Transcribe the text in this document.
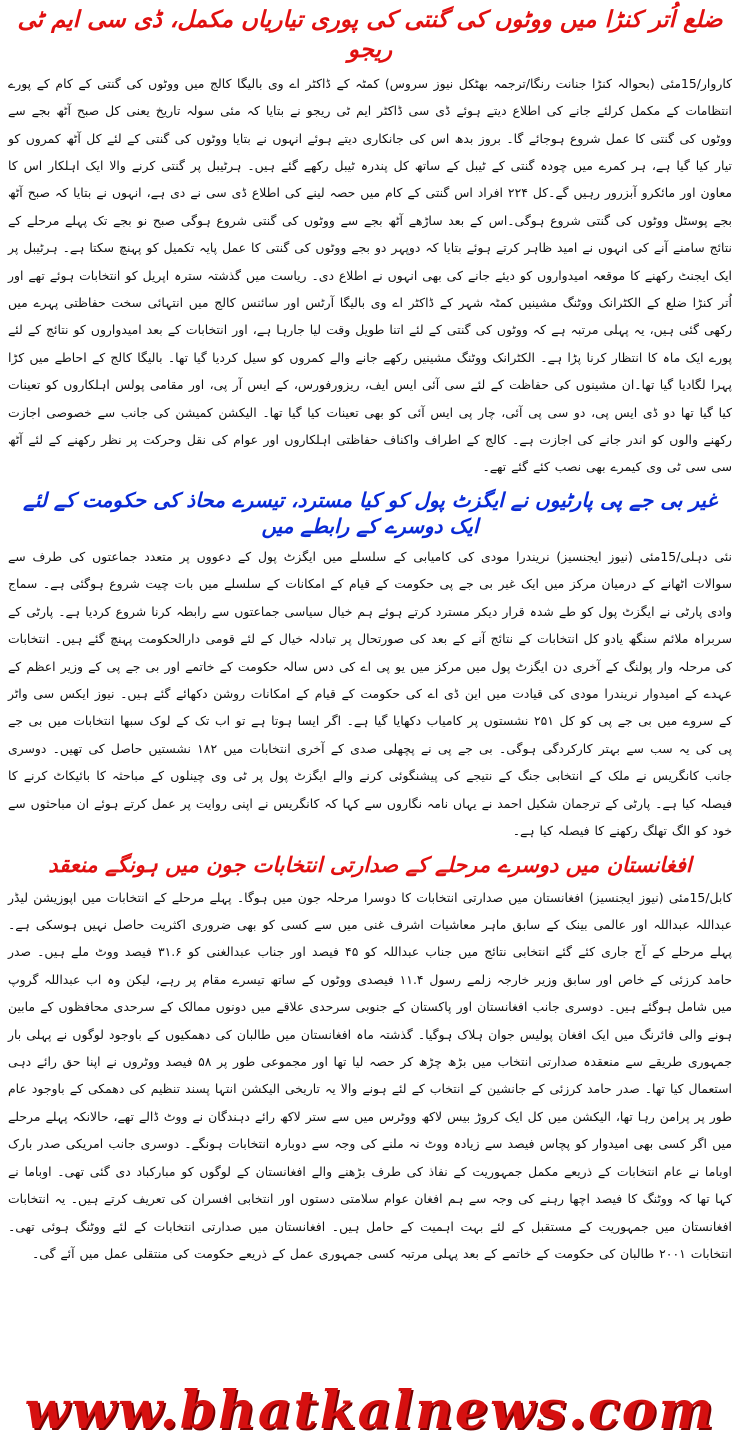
ضلع اُتر کنڑا میں ووٹوں کی گنتی کی پوری تیاریاں مکمل، ڈی سی ایم ٹی ریجو

کاروار/15مئی (بحوالہ کنڑا جنانت رنگا/ترجمہ بھٹکل نیوز سروس) کمٹہ کے ڈاکٹر اے وی بالیگا کالج میں ووٹوں کی گنتی کے کام کے پورے انتظامات کے مکمل کرلئے جانے کی اطلاع دیتے ہوئے ڈی سی ڈاکٹر ایم ٹی ریجو نے بتایا کہ مئی سولہ تاریخ یعنی کل صبح آٹھ بجے سے ووٹوں کی گنتی کا عمل شروع ہوجائے گا۔ بروز بدھ اس کی جانکاری دیتے ہوئے انہوں نے بتایا ووٹوں کی گنتی کے لئے کل آٹھ کمروں کو تیار کیا گیا ہے، ہر کمرے میں چودہ گنتی کے ٹیبل کے ساتھ کل پندرہ ٹیبل رکھے گئے ہیں۔ ہرٹیبل پر گنتی کرنے والا ایک اہلکار اس کا معاون اور مائکرو آبزرور رہیں گے۔کل ۲۲۴ افراد اس گنتی کے کام میں حصہ لینے کی اطلاع ڈی سی نے دی ہے، انہوں نے بتایا کہ صبح آٹھ بجے پوسٹل ووٹوں کی گنتی شروع ہوگی۔اس کے بعد ساڑھے آٹھ بجے سے ووٹوں کی گنتی شروع ہوگی صبح نو بجے تک پہلے مرحلے کے نتائج سامنے آنے کی انہوں نے امید ظاہر کرتے ہوئے بتایا کہ دوپہر دو بجے ووٹوں کی گنتی کا عمل پایہ تکمیل کو پہنچ سکتا ہے۔ ہرٹیبل پر ایک ایجنٹ رکھنے کا موقعہ امیدواروں کو دیئے جانے کی بھی انہوں نے اطلاع دی۔ ریاست میں گذشتہ سترہ اپریل کو انتخابات ہوئے تھے اور اُتر کنڑا ضلع کے الکٹرانک ووٹنگ مشینیں کمٹہ شہر کے ڈاکٹر اے وی بالیگا آرٹس اور سائنس کالج میں انتہائی سخت حفاظتی پہرے میں رکھی گئی ہیں، یہ پہلی مرتبہ ہے کہ ووٹوں کی گنتی کے لئے اتنا طویل وقت لیا جارہا ہے، اور انتخابات کے بعد امیدواروں کو نتائج کے لئے پورے ایک ماہ کا انتظار کرنا پڑا ہے۔ الکٹرانک ووٹنگ مشینیں رکھے جانے والے کمروں کو سیل کردیا گیا تھا۔ بالیگا کالج کے احاطے میں کڑا پہرا لگادیا گیا تھا۔ان مشینوں کی حفاظت کے لئے سی آئی ایس ایف، ریزورفورس، کے ایس آر پی، اور مقامی پولس اہلکاروں کو تعینات کیا گیا تھا دو ڈی ایس پی، دو سی پی آئی، چار پی ایس آئی کو بھی تعینات کیا گیا تھا۔ الیکشن کمیشن کی جانب سے خصوصی اجازت رکھنے والوں کو اندر جانے کی اجازت ہے۔ کالج کے اطراف واکناف حفاظتی اہلکاروں اور عوام کی نقل وحرکت پر نظر رکھنے کے لئے آٹھ سی سی ٹی وی کیمرے بھی نصب کئے گئے تھے۔

غیر بی جے پی پارٹیوں نے ایگزٹ پول کو کیا مسترد، تیسرے محاذ کی حکومت کے لئے ایک دوسرے کے رابطے میں

نئی دہلی/15مئی (نیوز ایجنسیز) نریندرا مودی کی کامیابی کے سلسلے میں ایگزٹ پول کے دعووں پر متعدد جماعتوں کی طرف سے سوالات اٹھانے کے درمیان مرکز میں ایک غیر بی جے پی حکومت کے قیام کے امکانات کے سلسلے میں بات چیت شروع ہوگئی ہے۔ سماج وادی پارٹی نے ایگزٹ پول کو طے شدہ قرار دیکر مسترد کرتے ہوئے ہم خیال سیاسی جماعتوں سے رابطہ کرنا شروع کردیا ہے۔ پارٹی کے سربراہ ملائم سنگھ یادو کل انتخابات کے نتائج آنے کے بعد کی صورتحال پر تبادلہ خیال کے لئے قومی دارالحکومت پہنچ گئے ہیں۔ انتخابات کی مرحلہ وار پولنگ کے آخری دن ایگزٹ پول میں مرکز میں یو پی اے کی دس سالہ حکومت کے خاتمے اور بی جے پی کے وزیر اعظم کے عہدے کے امیدوار نریندرا مودی کی قیادت میں این ڈی اے کی حکومت کے قیام کے امکانات روشن دکھائے گئے ہیں۔ نیوز ایکس سی واٹر کے سروے میں بی جے پی کو کل ۲۵۱ نشستوں پر کامیاب دکھایا گیا ہے۔ اگر ایسا ہوتا ہے تو اب تک کے لوک سبھا انتخابات میں بی جے پی کی یہ سب سے بہتر کارکردگی ہوگی۔ بی جے پی نے پچھلی صدی کے آخری انتخابات میں ۱۸۲ نشستیں حاصل کی تھیں۔ دوسری جانب کانگریس نے ملک کے انتخابی جنگ کے نتیجے کی پیشنگوئی کرنے والے ایگزٹ پول پر ٹی وی چینلوں کے مباحثہ کا بائیکاٹ کرنے کا فیصلہ کیا ہے۔ پارٹی کے ترجمان شکیل احمد نے یہاں نامہ نگاروں سے کہا کہ کانگریس نے اپنی روایت پر عمل کرتے ہوئے ان مباحثوں سے خود کو الگ تھلگ رکھنے کا فیصلہ کیا ہے۔

افغانستان میں دوسرے مرحلے کے صدارتی انتخابات جون میں ہونگے منعقد

کابل/15مئی (نیوز ایجنسیز) افغانستان میں صدارتی انتخابات کا دوسرا مرحلہ جون میں ہوگا۔ پہلے مرحلے کے انتخابات میں اپوزیشن لیڈر عبداللہ عبداللہ اور عالمی بینک کے سابق ماہر معاشیات اشرف غنی میں سے کسی کو بھی ضروری اکثریت حاصل نہیں ہوسکی ہے۔ پہلے مرحلے کے آج جاری کئے گئے انتخابی نتائج میں جناب عبداللہ کو ۴۵ فیصد اور جناب عبدالغنی کو ۳۱.۶ فیصد ووٹ ملے ہیں۔ صدر حامد کرزئی کے خاص اور سابق وزیر خارجہ زلمے رسول ۱۱.۴ فیصدی ووٹوں کے ساتھ تیسرے مقام پر رہے، لیکن وہ اب عبداللہ گروپ میں شامل ہوگئے ہیں۔ دوسری جانب افغانستان اور پاکستان کے جنوبی سرحدی علاقے میں دونوں ممالک کے سرحدی محافظوں کے مابین ہونے والی فائرنگ میں ایک افغان پولیس جوان ہلاک ہوگیا۔ گذشتہ ماہ افغانستان میں طالبان کی دھمکیوں کے باوجود لوگوں نے پہلی بار جمہوری طریقے سے منعقدہ صدارتی انتخاب میں بڑھ چڑھ کر حصہ لیا تھا اور مجموعی طور پر ۵۸ فیصد ووٹروں نے اپنا حق رائے دہی استعمال کیا تھا۔ صدر حامد کرزئی کے جانشین کے انتخاب کے لئے ہونے والا یہ تاریخی الیکشن انتہا پسند تنظیم کی دھمکی کے باوجود عام طور پر پرامن رہا تھا، الیکشن میں کل ایک کروڑ بیس لاکھ ووٹرس میں سے ستر لاکھ رائے دہندگان نے ووٹ ڈالے تھے، حالانکہ پہلے مرحلے میں اگر کسی بھی امیدوار کو پچاس فیصد سے زیادہ ووٹ نہ ملنے کی وجہ سے دوبارہ انتخابات ہونگے۔ دوسری جانب امریکی صدر بارک اوباما نے عام انتخابات کے ذریعے مکمل جمہوریت کے نفاذ کی طرف بڑھنے والے افغانستان کے لوگوں کو مبارکباد دی گئی تھی۔ اوباما نے کہا تھا کہ ووٹنگ کا فیصد اچھا رہنے کی وجہ سے ہم افغان عوام سلامتی دستوں اور انتخابی افسران کی تعریف کرتے ہیں۔ یہ انتخابات افغانستان میں جمہوریت کے مستقبل کے لئے بہت اہمیت کے حامل ہیں۔ افغانستان میں صدارتی انتخابات کے لئے ووٹنگ ہوئی تھی۔ انتخابات ۲۰۰۱ طالبان کی حکومت کے خاتمے کے بعد پہلی مرتبہ کسی جمہوری عمل کے ذریعے حکومت کی منتقلی عمل میں آئے گی۔

www.bhatkalnews.com
